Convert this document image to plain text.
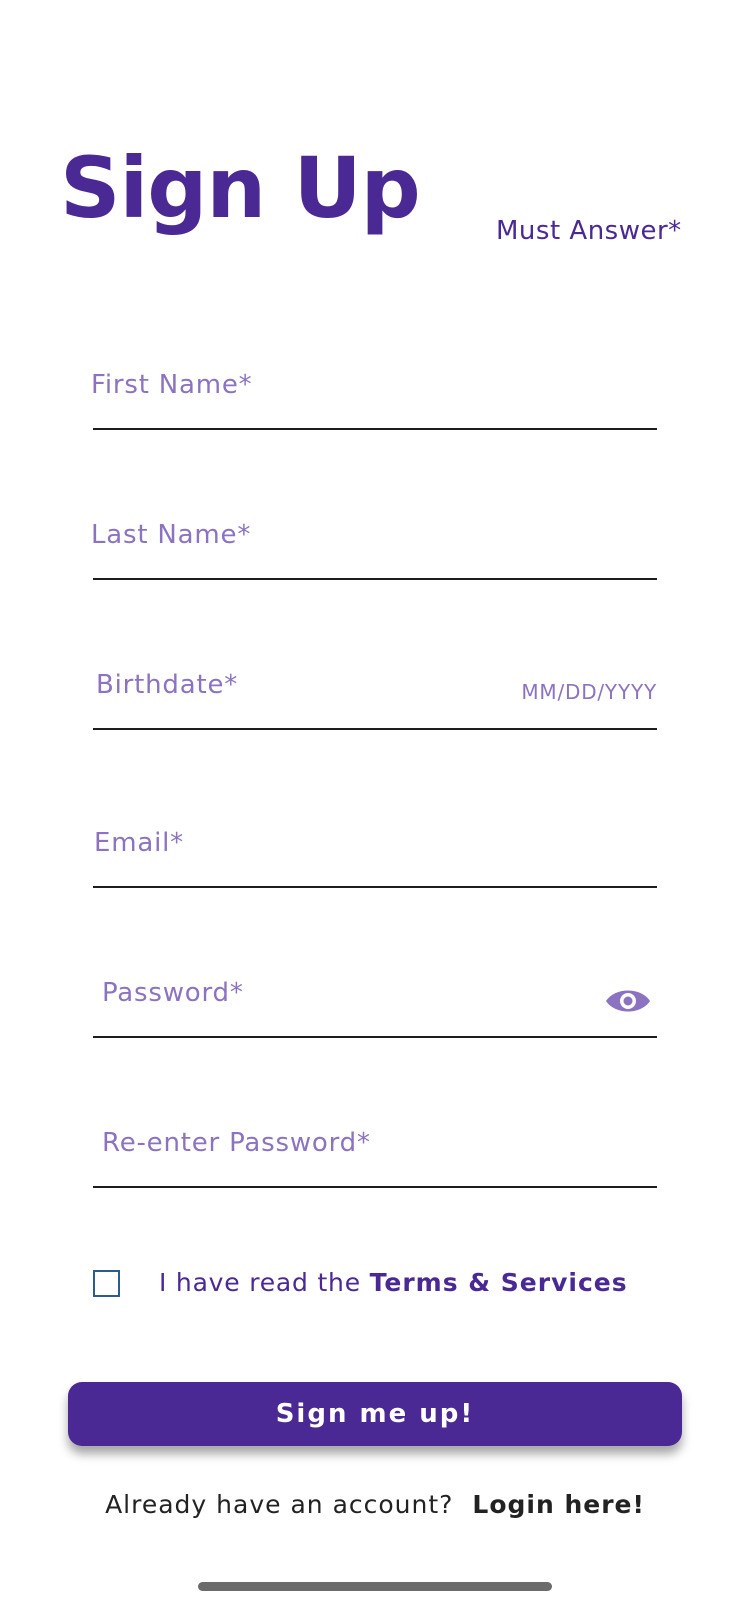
Sign Up	Must Answer*
First Name*
Last Name*
Birthdate*	MM/DD/YYYY
Email*
Password*
Re-enter Password*
I have read the Terms & Services
Sign me up!
Already have an account? Login here!
